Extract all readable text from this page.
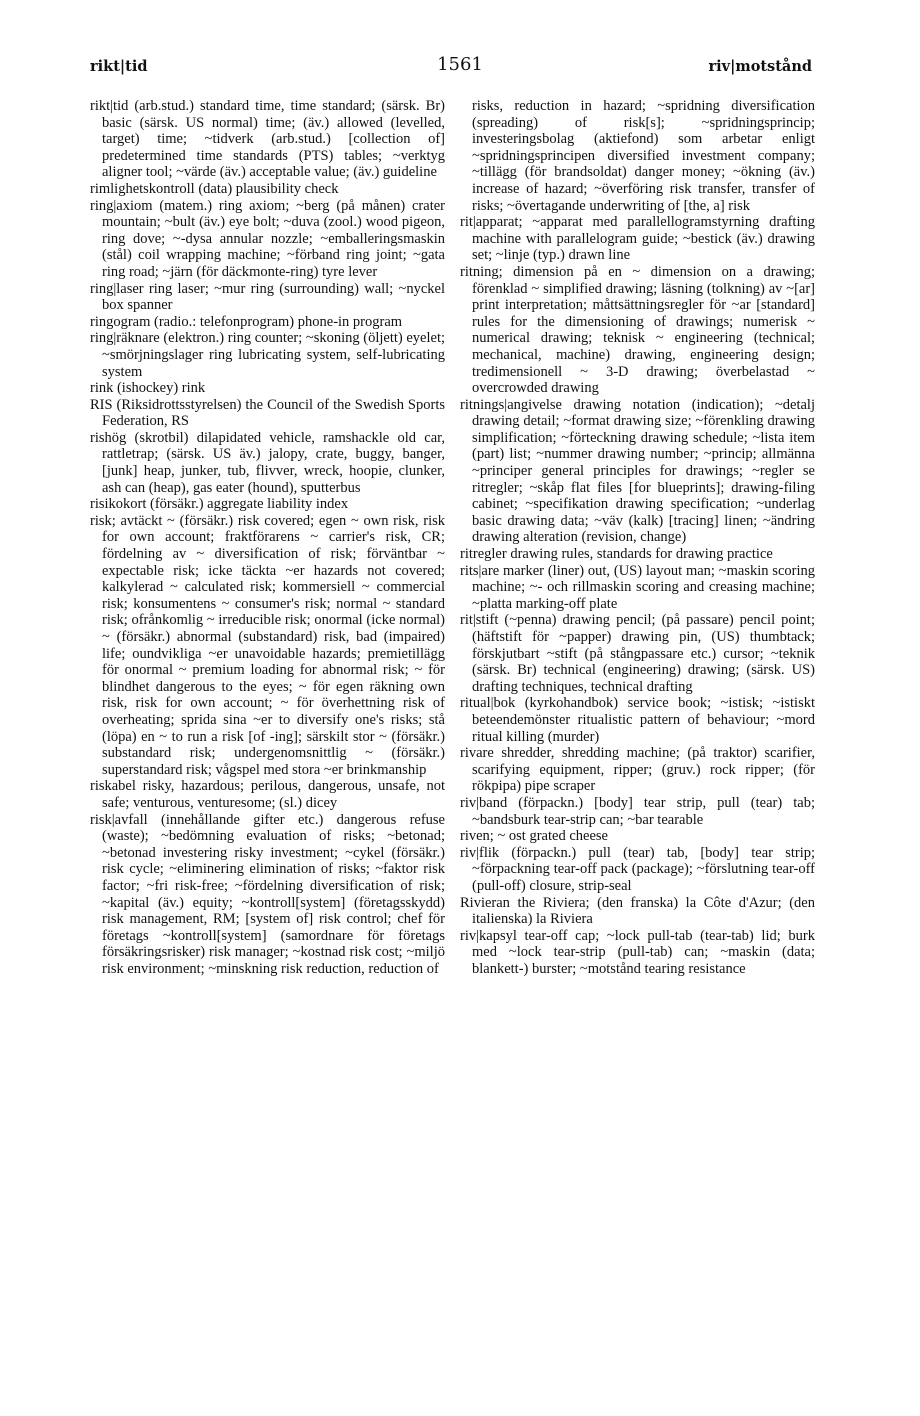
rikt|tid	1561	riv|motstånd

rikt|tid (arb.stud.) standard time, time standard; (särsk. Br) basic (särsk. US normal) time; (äv.) allowed (levelled, target) time; ~tidverk (arb.stud.) [collection of] predetermined time standards (PTS) tables; ~verktyg aligner tool; ~värde (äv.) acceptable value; (äv.) guideline

rimlighetskontroll (data) plausibility check

ring|axiom (matem.) ring axiom; ~berg (på månen) crater mountain; ~bult (äv.) eye bolt; ~duva (zool.) wood pigeon, ring dove; ~-dysa annular nozzle; ~emballeringsmaskin (stål) coil wrapping machine; ~förband ring joint; ~gata ring road; ~järn (för däckmonte-ring) tyre lever

ring|laser ring laser; ~mur ring (surrounding) wall; ~nyckel box spanner

ringogram (radio.: telefonprogram) phone-in program

ring|räknare (elektron.) ring counter; ~skoning (öljett) eyelet; ~smörjningslager ring lubricating system, self-lubricating system

rink (ishockey) rink

RIS (Riksidrottsstyrelsen) the Council of the Swedish Sports Federation, RS

rishög (skrotbil) dilapidated vehicle, ramshackle old car, rattletrap; (särsk. US äv.) jalopy, crate, buggy, banger, [junk] heap, junker, tub, flivver, wreck, hoopie, clunker, ash can (heap), gas eater (hound), sputterbus

risikokort (försäkr.) aggregate liability index

risk; avtäckt ~ (försäkr.) risk covered; egen ~ own risk, risk for own account; fraktförarens ~ carrier's risk, CR; fördelning av ~ diversification of risk; förväntbar ~ expectable risk; icke täckta ~er hazards not covered; kalkylerad ~ calculated risk; kommersiell ~ commercial risk; konsumentens ~ consumer's risk; normal ~ standard risk; ofrånkomlig ~ irreducible risk; onormal (icke normal) ~ (försäkr.) abnormal (substandard) risk, bad (impaired) life; oundvikliga ~er unavoidable hazards; premietillägg för onormal ~ premium loading for abnormal risk; ~ för blindhet dangerous to the eyes; ~ för egen räkning own risk, risk for own account; ~ för överhettning risk of overheating; sprida sina ~er to diversify one's risks; stå (löpa) en ~ to run a risk [of -ing]; särskilt stor ~ (försäkr.) substandard risk; undergenomsnittlig ~ (försäkr.) superstandard risk; vågspel med stora ~er brinkmanship

riskabel risky, hazardous; perilous, dangerous, unsafe, not safe; venturous, venturesome; (sl.) dicey

risk|avfall (innehållande gifter etc.) dangerous refuse (waste); ~bedömning evaluation of risks; ~betonad; ~betonad investering risky investment; ~cykel (försäkr.) risk cycle; ~eliminering elimination of risks; ~faktor risk factor; ~fri risk-free; ~fördelning diversification of risk; ~kapital (äv.) equity; ~kontroll[system] (företagsskydd) risk management, RM; [system of] risk control; chef för företags ~kontroll[system] (samordnare för företags försäkringsrisker) risk manager; ~kostnad risk cost; ~miljö risk environment; ~minskning risk reduction, reduction of

risks, reduction in hazard; ~spridning diversification (spreading) of risk[s]; ~spridningsprincip; investeringsbolag (aktiefond) som arbetar enligt ~spridningsprincipen diversified investment company; ~tillägg (för brandsoldat) danger money; ~ökning (äv.) increase of hazard; ~överföring risk transfer, transfer of risks; ~övertagande underwriting of [the, a] risk

rit|apparat; ~apparat med parallellogramstyrning drafting machine with parallelogram guide; ~bestick (äv.) drawing set; ~linje (typ.) drawn line

ritning; dimension på en ~ dimension on a drawing; förenklad ~ simplified drawing; läsning (tolkning) av ~[ar] print interpretation; måttsättningsregler för ~ar [standard] rules for the dimensioning of drawings; numerisk ~ numerical drawing; teknisk ~ engineering (technical; mechanical, machine) drawing, engineering design; tredimensionell ~ 3-D drawing; överbelastad ~ overcrowded drawing

ritnings|angivelse drawing notation (indication); ~detalj drawing detail; ~format drawing size; ~förenkling drawing simplification; ~förteckning drawing schedule; ~lista item (part) list; ~nummer drawing number; ~princip; allmänna ~principer general principles for drawings; ~regler se ritregler; ~skåp flat files [for blueprints]; drawing-filing cabinet; ~specifikation drawing specification; ~underlag basic drawing data; ~väv (kalk) [tracing] linen; ~ändring drawing alteration (revision, change)

ritregler drawing rules, standards for drawing practice

rits|are marker (liner) out, (US) layout man; ~maskin scoring machine; ~- och rillmaskin scoring and creasing machine; ~platta marking-off plate

rit|stift (~penna) drawing pencil; (på passare) pencil point; (häftstift för ~papper) drawing pin, (US) thumbtack; förskjutbart ~stift (på stångpassare etc.) cursor; ~teknik (särsk. Br) technical (engineering) drawing; (särsk. US) drafting techniques, technical drafting

ritual|bok (kyrkohandbok) service book; ~istisk; ~istiskt beteendemönster ritualistic pattern of behaviour; ~mord ritual killing (murder)

rivare shredder, shredding machine; (på traktor) scarifier, scarifying equipment, ripper; (gruv.) rock ripper; (för rökpipa) pipe scraper

riv|band (förpackn.) [body] tear strip, pull (tear) tab; ~bandsburk tear-strip can; ~bar tearable

riven; ~ ost grated cheese

riv|flik (förpackn.) pull (tear) tab, [body] tear strip; ~förpackning tear-off pack (package); ~förslutning tear-off (pull-off) closure, strip-seal

Rivieran the Riviera; (den franska) la Côte d'Azur; (den italienska) la Riviera

riv|kapsyl tear-off cap; ~lock pull-tab (tear-tab) lid; burk med ~lock tear-strip (pull-tab) can; ~maskin (data; blankett-) burster; ~motstånd tearing resistance
